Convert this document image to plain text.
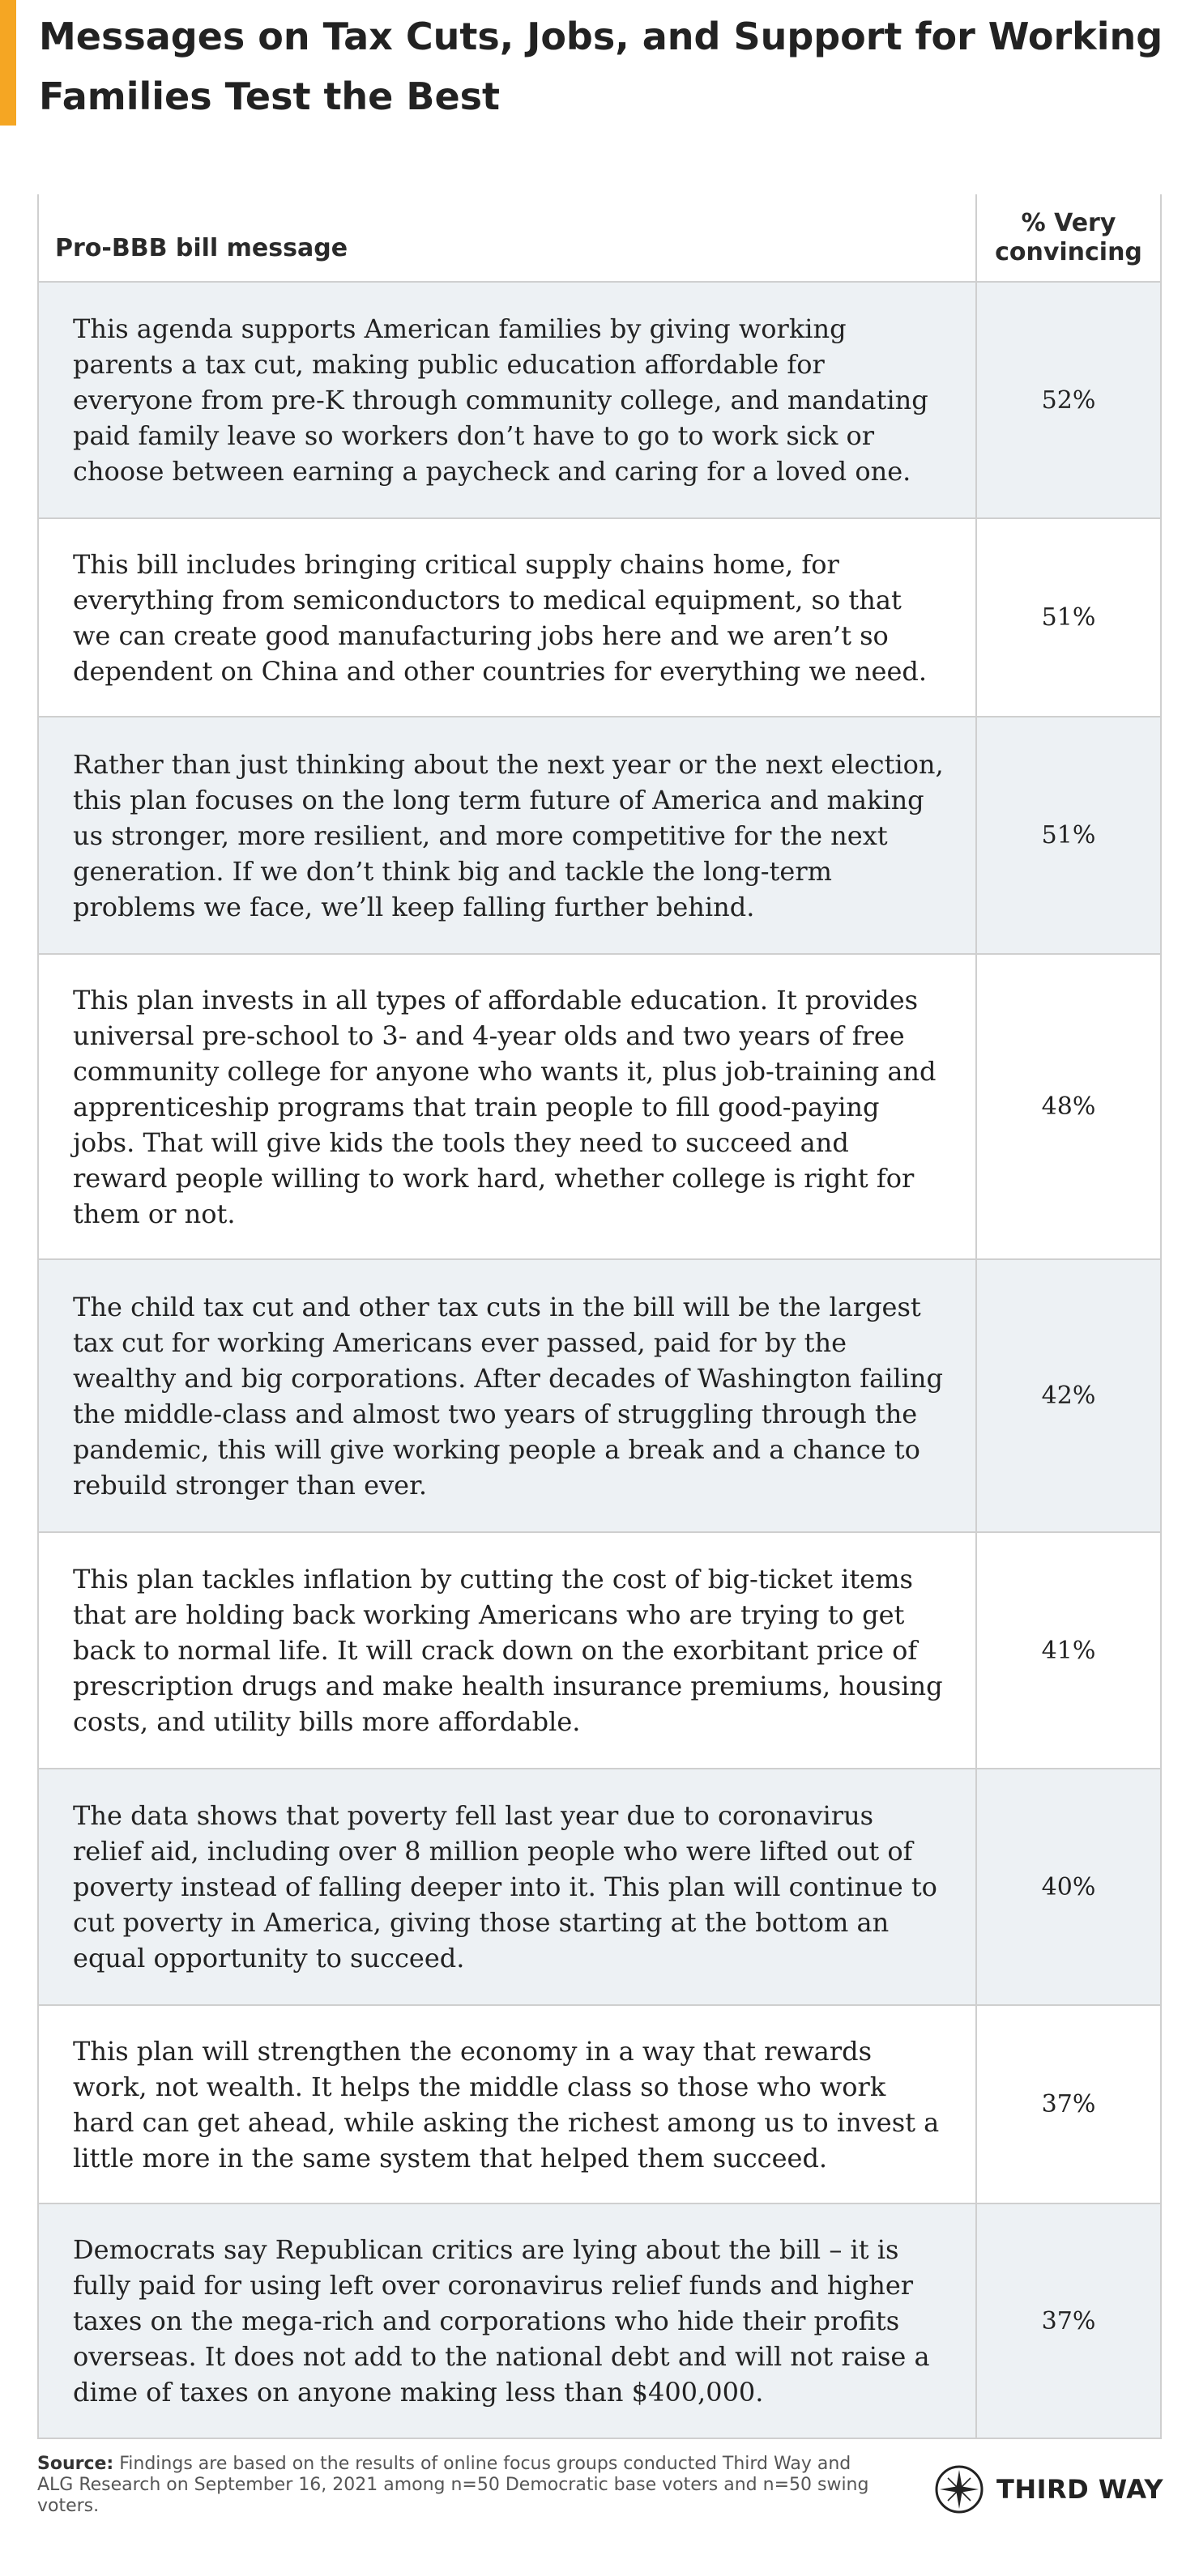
Messages on Tax Cuts, Jobs, and Support for Working Families Test the Best
Pro-BBB bill message	% Very
convincing
This agenda supports American families by giving working parents a tax cut, making public education affordable for everyone from pre-K through community college, and mandating paid family leave so workers don’t have to go to work sick or choose between earning a paycheck and caring for a loved one.	52%
This bill includes bringing critical supply chains home, for everything from semiconductors to medical equipment, so that we can create good manufacturing jobs here and we aren’t so dependent on China and other countries for everything we need.	51%
Rather than just thinking about the next year or the next election, this plan focuses on the long term future of America and making us stronger, more resilient, and more competitive for the next generation. If we don’t think big and tackle the long-term problems we face, we’ll keep falling further behind.	51%
This plan invests in all types of affordable education. It provides universal pre-school to 3- and 4-year olds and two years of free community college for anyone who wants it, plus job-training and apprenticeship programs that train people to fill good-paying jobs. That will give kids the tools they need to succeed and reward people willing to work hard, whether college is right for them or not.	48%
The child tax cut and other tax cuts in the bill will be the largest tax cut for working Americans ever passed, paid for by the wealthy and big corporations. After decades of Washington failing the middle-class and almost two years of struggling through the pandemic, this will give working people a break and a chance to rebuild stronger than ever.	42%
This plan tackles inflation by cutting the cost of big-ticket items that are holding back working Americans who are trying to get back to normal life. It will crack down on the exorbitant price of prescription drugs and make health insurance premiums, housing costs, and utility bills more affordable.	41%
The data shows that poverty fell last year due to coronavirus relief aid, including over 8 million people who were lifted out of poverty instead of falling deeper into it. This plan will continue to cut poverty in America, giving those starting at the bottom an equal opportunity to succeed.	40%
This plan will strengthen the economy in a way that rewards work, not wealth. It helps the middle class so those who work hard can get ahead, while asking the richest among us to invest a little more in the same system that helped them succeed.	37%
Democrats say Republican critics are lying about the bill – it is fully paid for using left over coronavirus relief funds and higher taxes on the mega-rich and corporations who hide their profits overseas. It does not add to the national debt and will not raise a dime of taxes on anyone making less than $400,000.	37%

Source: Findings are based on the results of online focus groups conducted Third Way and ALG Research on September 16, 2021 among n=50 Democratic base voters and n=50 swing voters.

THIRD WAY
